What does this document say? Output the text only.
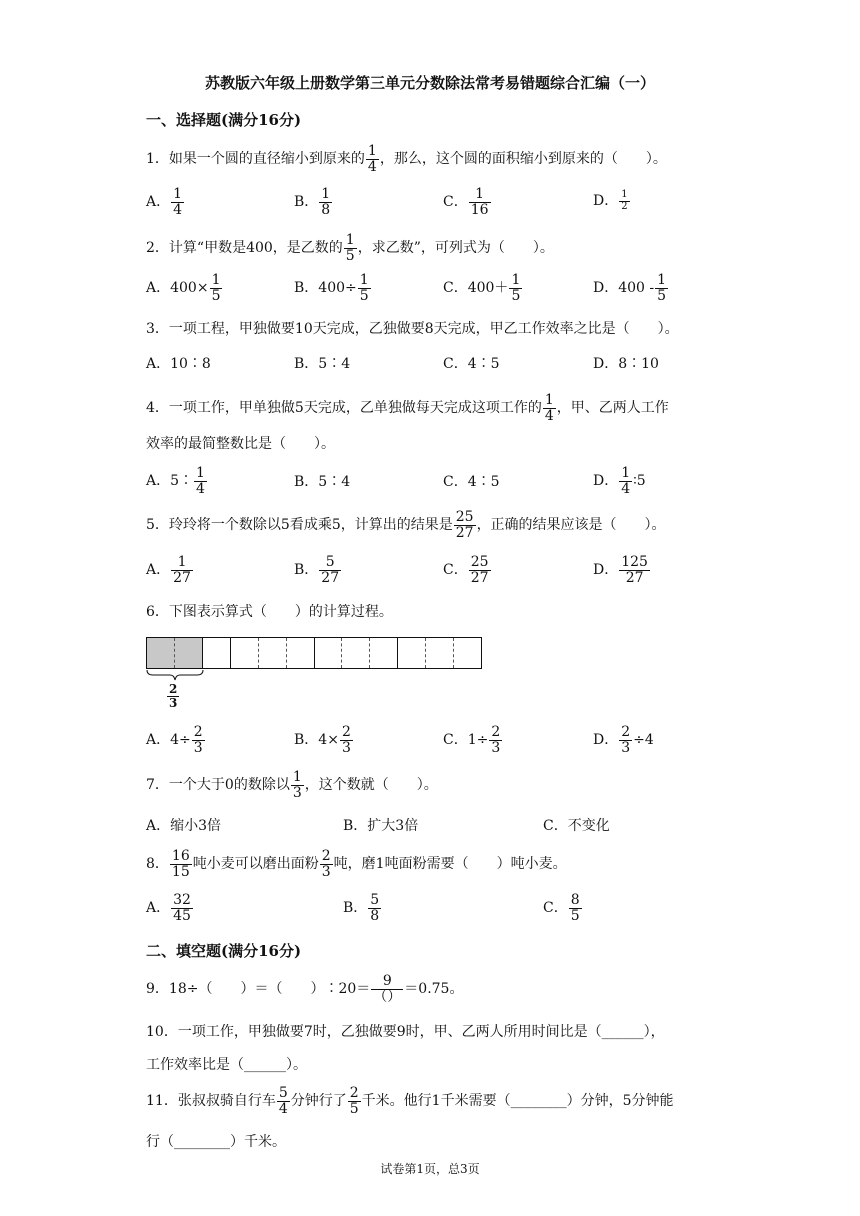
苏教版六年级上册数学第三单元分数除法常考易错题综合汇编（一）
一、选择题(满分16分)
1．如果一个圆的直径缩小到原来的 $\frac{1}{4}$ ，那么，这个圆的面积缩小到原来的（　　）。
A． $\frac{1}{4}$	B． $\frac{1}{8}$	C． $\frac{1}{16}$	D． $\frac{1}{2}$
2．计算“甲数是400，是乙数的 $\frac{1}{5}$ ，求乙数”，可列式为（　　）。
A．$400\times \frac{1}{5}$	B．$400\div \frac{1}{5}$	C．$400+ \frac{1}{5}$	D．$400 - \frac{1}{5}$
3．一项工程，甲独做要10天完成，乙独做要8天完成，甲乙工作效率之比是（　　）。
A．10∶8	B．5∶4	C．4∶5	D．8∶10
4．一项工作，甲单独做5天完成，乙单独做每天完成这项工作的 $\frac{1}{4}$ ，甲、乙两人工作
效率的最简整数比是（　　）。
A．5∶ $\frac{1}{4}$	B．5∶4	C．4∶5	D． $\frac{1}{4}$ ∶5
5．玲玲将一个数除以5看成乘5，计算出的结果是 $\frac{25}{27}$ ，正确的结果应该是（　　）。
A． $\frac{1}{27}$	B． $\frac{5}{27}$	C． $\frac{25}{27}$	D． $\frac{125}{27}$
6．下图表示算式（　　）的计算过程。
$\frac{2}{3}$
A．$4\div \frac{2}{3}$	B．$4\times \frac{2}{3}$	C．$1\div \frac{2}{3}$	D． $\frac{2}{3} \div 4$
7．一个大于0的数除以 $\frac{1}{3}$ ，这个数就（　　）。
A．缩小3倍	B．扩大3倍	C．不变化
8． $\frac{16}{15}$ 吨小麦可以磨出面粉 $\frac{2}{3}$ 吨，磨1吨面粉需要（　　）吨小麦。
A． $\frac{32}{45}$	B． $\frac{5}{8}$	C． $\frac{8}{5}$
二、填空题(满分16分)
9．18÷（　　）＝（　　）∶20＝ $\frac{9}{()} =0.75$。
10．一项工作，甲独做要7时，乙独做要9时，甲、乙两人所用时间比是（______），
工作效率比是（______）。
11．张叔叔骑自行车 $\frac{5}{4}$ 分钟行了 $\frac{2}{5}$ 千米。他行1千米需要（________）分钟，5分钟能
行（________）千米。
试卷第1页，总3页
